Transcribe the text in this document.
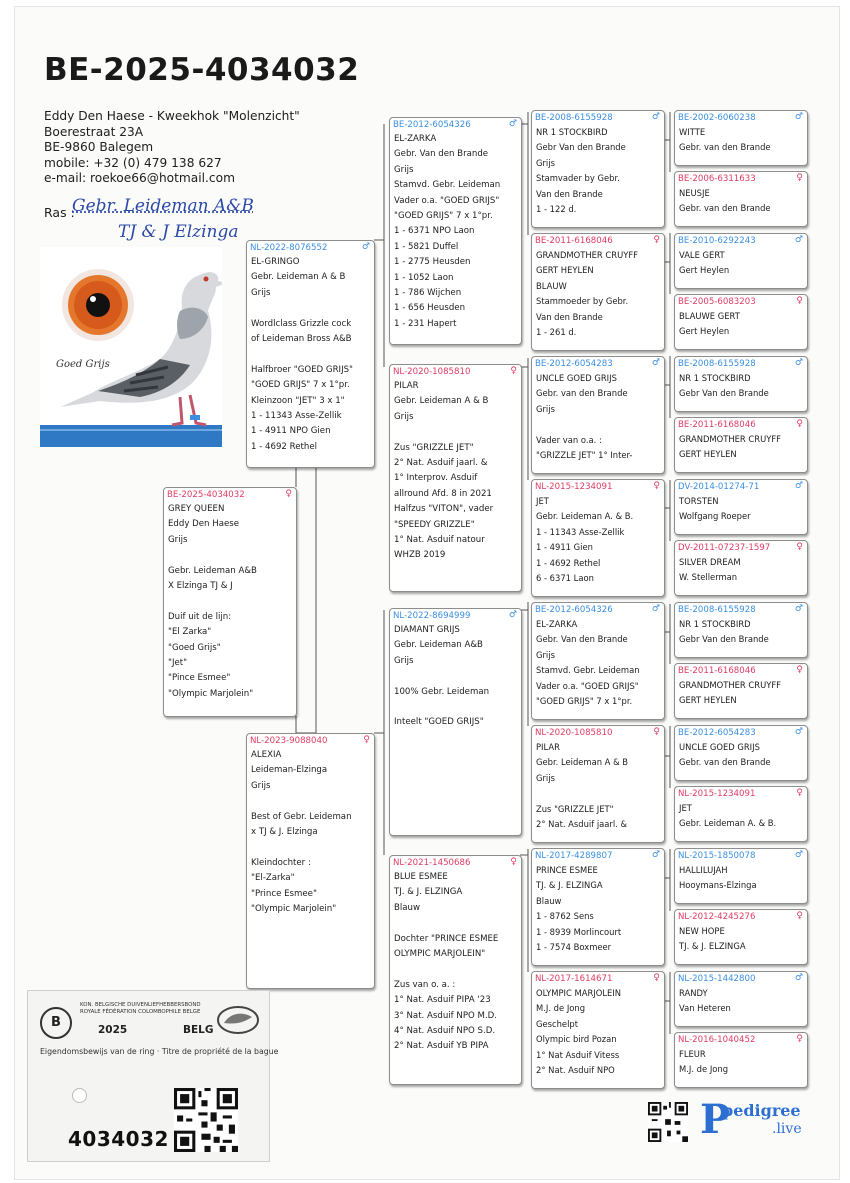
BE-2025-4034032
Eddy Den Haese - Kweekhok "Molenzicht"
Boerestraat 23A
BE-9860 Balegem
mobile: +32 (0) 479 138 627
e-mail: roekoe66@hotmail.com
Ras :
Gebr. Leideman A&B
TJ & J Elzinga
Goed Grijs
BE-2025-4034032	♀
GREY QUEEN
Eddy Den Haese
Grijs
Gebr. Leideman A&B
X Elzinga TJ & J
Duif uit de lijn:
"El Zarka"
"Goed Grijs"
"Jet"
"Pince Esmee"
"Olympic Marjolein"
NL-2022-8076552	♂
EL-GRINGO
Gebr. Leideman A & B
Grijs
Wordlclass Grizzle cock
of Leideman Bross A&B
Halfbroer "GOED GRIJS"
"GOED GRIJS" 7 x 1°pr.
Kleinzoon "JET" 3 x 1"
1 - 11343 Asse-Zellik
1 - 4911 NPO Gien
1 - 4692 Rethel
NL-2023-9088040	♀
ALEXIA
Leideman-Elzinga
Grijs
Best of Gebr. Leideman
x TJ & J. Elzinga
Kleindochter :
"El-Zarka"
"Prince Esmee"
"Olympic Marjolein"
BE-2012-6054326	♂
EL-ZARKA
Gebr. Van den Brande
Grijs
Stamvd. Gebr. Leideman
Vader o.a. "GOED GRIJS"
"GOED GRIJS" 7 x 1°pr.
1 - 6371 NPO Laon
1 - 5821 Duffel
1 - 2775 Heusden
1 - 1052 Laon
1 - 786 Wijchen
1 - 656 Heusden
1 - 231 Hapert
NL-2020-1085810	♀
PILAR
Gebr. Leideman A & B
Grijs
Zus "GRIZZLE JET"
2° Nat. Asduif jaarl. &
1° Interprov. Asduif
allround Afd. 8 in 2021
Halfzus "VITON", vader
"SPEEDY GRIZZLE"
1° Nat. Asduif natour
WHZB 2019
NL-2022-8694999	♂
DIAMANT GRIJS
Gebr. Leideman A&B
Grijs
100% Gebr. Leideman
Inteelt "GOED GRIJS"
NL-2021-1450686	♀
BLUE ESMEE
TJ. & J. ELZINGA
Blauw
Dochter "PRINCE ESMEE
OLYMPIC MARJOLEIN"
Zus van o. a. :
1° Nat. Asduif PIPA '23
3° Nat. Asduif NPO M.D.
4° Nat. Asduif NPO S.D.
2° Nat. Asduif YB PIPA
BE-2008-6155928	♂
NR 1 STOCKBIRD
Gebr Van den Brande
Grijs
Stamvader by Gebr.
Van den Brande
1 - 122 d.
BE-2011-6168046	♀
GRANDMOTHER CRUYFF
GERT HEYLEN
BLAUW
Stammoeder by Gebr.
Van den Brande
1 - 261 d.
BE-2012-6054283	♂
UNCLE GOED GRIJS
Gebr. van den Brande
Grijs
Vader van o.a. :
"GRIZZLE JET" 1° Inter-
NL-2015-1234091	♀
JET
Gebr. Leideman A. & B.
1 - 11343 Asse-Zellik
1 - 4911 Gien
1 - 4692 Rethel
6 - 6371 Laon
BE-2012-6054326	♂
EL-ZARKA
Gebr. Van den Brande
Grijs
Stamvd. Gebr. Leideman
Vader o.a. "GOED GRIJS"
"GOED GRIJS" 7 x 1°pr.
NL-2020-1085810	♀
PILAR
Gebr. Leideman A & B
Grijs
Zus "GRIZZLE JET"
2° Nat. Asduif jaarl. &
NL-2017-4289807	♂
PRINCE ESMEE
TJ. & J. ELZINGA
Blauw
1 - 8762 Sens
1 - 8939 Morlincourt
1 - 7574 Boxmeer
NL-2017-1614671	♀
OLYMPIC MARJOLEIN
M.J. de Jong
Geschelpt
Olympic bird Pozan
1° Nat Asduif Vitess
2° Nat. Asduif NPO
BE-2002-6060238	♂
WITTE
Gebr. van den Brande
BE-2006-6311633	♀
NEUSJE
Gebr. van den Brande
BE-2010-6292243	♂
VALE GERT
Gert Heylen
BE-2005-6083203	♀
BLAUWE GERT
Gert Heylen
BE-2008-6155928	♂
NR 1 STOCKBIRD
Gebr Van den Brande
BE-2011-6168046	♀
GRANDMOTHER CRUYFF
GERT HEYLEN
DV-2014-01274-71	♂
TORSTEN
Wolfgang Roeper
DV-2011-07237-1597	♀
SILVER DREAM
W. Stellerman
BE-2008-6155928	♂
NR 1 STOCKBIRD
Gebr Van den Brande
BE-2011-6168046	♀
GRANDMOTHER CRUYFF
GERT HEYLEN
BE-2012-6054283	♂
UNCLE GOED GRIJS
Gebr. van den Brande
NL-2015-1234091	♀
JET
Gebr. Leideman A. & B.
NL-2015-1850078	♂
HALLILUJAH
Hooymans-Elzinga
NL-2012-4245276	♀
NEW HOPE
TJ. & J. ELZINGA
NL-2015-1442800	♂
RANDY
Van Heteren
NL-2016-1040452	♀
FLEUR
M.J. de Jong
B
KON. BELGISCHE DUIVENLIEFHEBBERSBOND
ROYALE FÉDÉRATION COLOMBOPHILE BELGE
2025	BELG
Eigendomsbewijs van de ring · Titre de propriété de la bague
4034032	P
pedigree
.live
